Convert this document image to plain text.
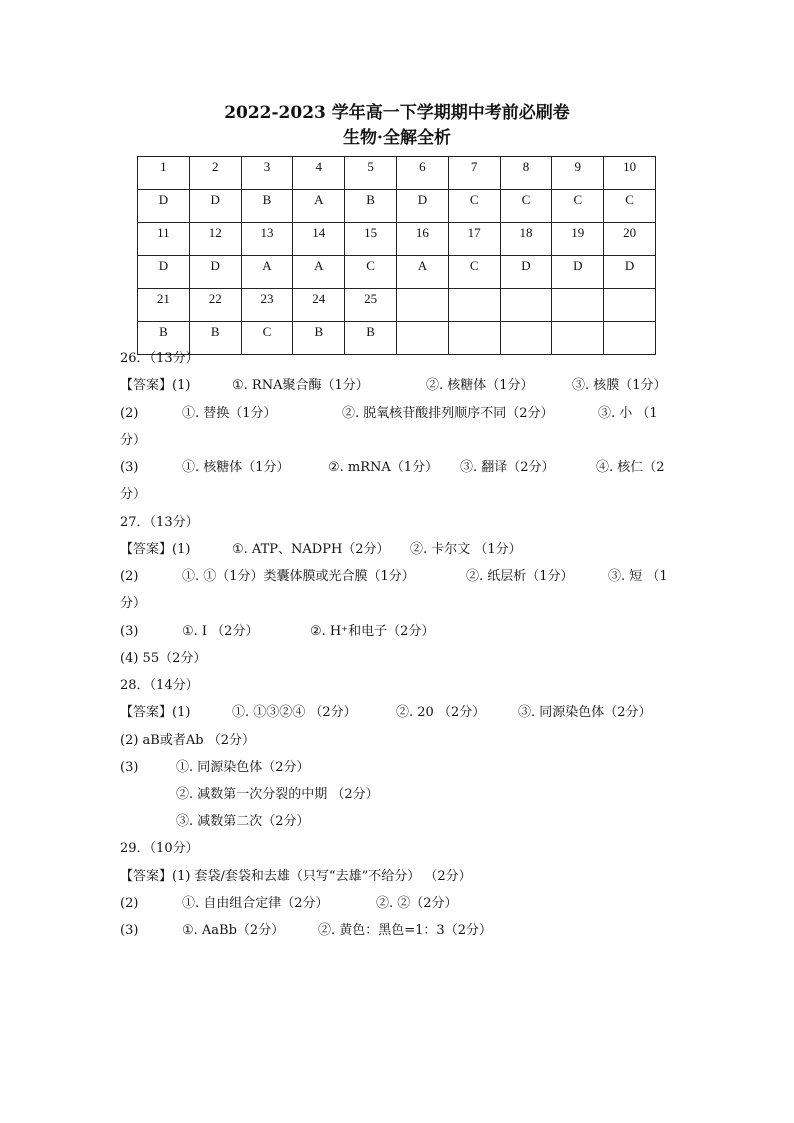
2022-2023 学年高一下学期期中考前必刷卷
生物·全解全析
1	2	3	4	5	6	7	8	9	10
D	D	B	A	B	D	C	C	C	C
11	12	13	14	15	16	17	18	19	20
D	D	A	A	C	A	C	D	D	D
21	22	23	24	25					
B	B	C	B	B					
26．（13分）
【答案】(1)	①. RNA聚合酶（1分）	②. 核糖体（1分）	③. 核膜（1分）
(2)	①. 替换（1分）	②. 脱氧核苷酸排列顺序不同（2分）	③. 小 （1
分）
(3)	①. 核糖体（1分）	②. mRNA（1分） ③. 翻译（2分）	④. 核仁（2
分）
27．（13分）
【答案】(1)	①. ATP、NADPH（2分） ②. 卡尔文 （1分）
(2)	①. ①（1分）类囊体膜或光合膜（1分）	②. 纸层析（1分）	③. 短 （1
分）
(3)	①. Ⅰ （2分）	②. H⁺和电子（2分）
(4) 55（2分）
28．（14分）
【答案】(1)	①. ①③②④ （2分）	②. 20 （2分）	③. 同源染色体（2分）
(2) aB或者Ab （2分）
(3)	①. 同源染色体（2分）
②. 减数第一次分裂的中期 （2分）
③. 减数第二次（2分）
29．（10分）
【答案】(1) 套袋/套袋和去雄（只写“去雄”不给分） （2分）
(2)	①. 自由组合定律（2分）	②. ②（2分）
(3)	①. AaBb（2分）	②. 黄色：黑色=1：3（2分）
